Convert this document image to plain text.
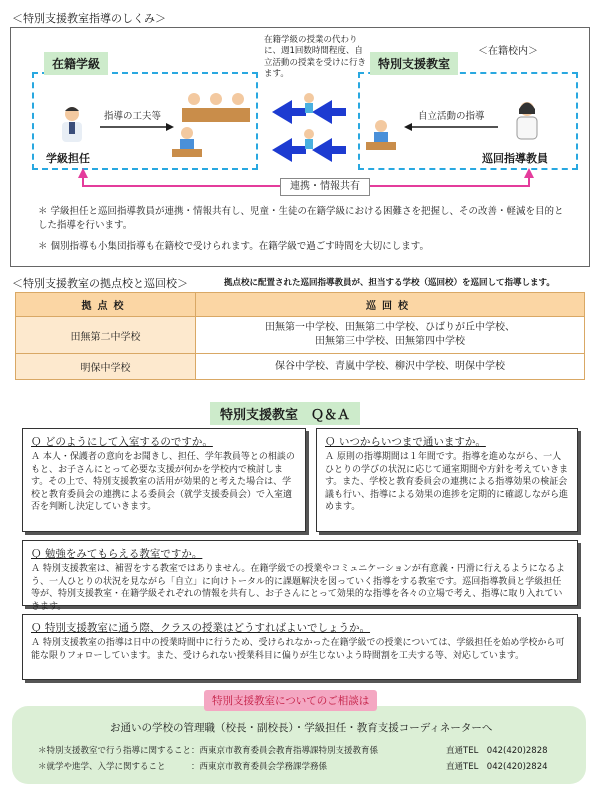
＜特別支援教室指導のしくみ＞
在籍学級	特別支援教室
＜在籍校内＞
在籍学級の授業の代わりに、週1回数時間程度、自立活動の授業を受けに行きます。
学級担任
指導の工夫等	自立活動の指導
巡回指導教員
連携・情報共有
＊ 学級担任と巡回指導教員が連携・情報共有し、児童・生徒の在籍学級における困難さを把握し、その改善・軽減を目的とした指導を行います。
＊ 個別指導も小集団指導も在籍校で受けられます。在籍学級で過ごす時間を大切にします。
＜特別支援教室の拠点校と巡回校＞	拠点校に配置された巡回指導教員が、担当する学校（巡回校）を巡回して指導します。
拠点校	巡回校
田無第二中学校	田無第一中学校、田無第二中学校、ひばりが丘中学校、
田無第三中学校、田無第四中学校
明保中学校	保谷中学校、青嵐中学校、柳沢中学校、明保中学校
特別支援教室　Ｑ＆Ａ
Ｑ どのようにして入室するのですか。
Ａ 本人・保護者の意向をお聞きし、担任、学年教員等との相談のもと、お子さんにとって必要な支援が何かを学校内で検討します。その上で、特別支援教室の活用が効果的と考えた場合は、学校と教育委員会の連携による委員会（就学支援委員会）で入室適否を判断し決定していきます。
Ｑ いつからいつまで通いますか。
Ａ 原則の指導期間は１年間です。指導を進めながら、一人ひとりの学びの状況に応じて通室期間や方針を考えていきます。また、学校と教育委員会の連携による指導効果の検証会議も行い、指導による効果の進捗を定期的に確認しながら進めます。
Ｑ 勉強をみてもらえる教室ですか。
Ａ 特別支援教室は、補習をする教室ではありません。在籍学級での授業やコミュニケーションが有意義・円滑に行えるようになるよう、一人ひとりの状況を見ながら「自立」に向けトータル的に課題解決を図っていく指導をする教室です。巡回指導教員と学級担任等が、特別支援教室・在籍学級それぞれの情報を共有し、お子さんにとって効果的な指導を各々の立場で考え、指導に取り入れていきます。
Ｑ 特別支援教室に通う際、クラスの授業はどうすればよいでしょうか。
Ａ 特別支援教室の指導は日中の授業時間中に行うため、受けられなかった在籍学級での授業については、学級担任を始め学校から可能な限りフォローしています。また、受けられない授業科目に偏りが生じないよう時間割を工夫する等、対応しています。
特別支援教室についてのご相談は
お通いの学校の管理職（校長・副校長）・学級担任・教育支援コーディネーターへ
＊特別支援教室で行う指導に関すること：西東京市教育委員会教育指導課特別支援教育係	直通TEL　042(420)2828
＊就学や進学、入学に関すること　　　：西東京市教育委員会学務課学務係	直通TEL　042(420)2824
